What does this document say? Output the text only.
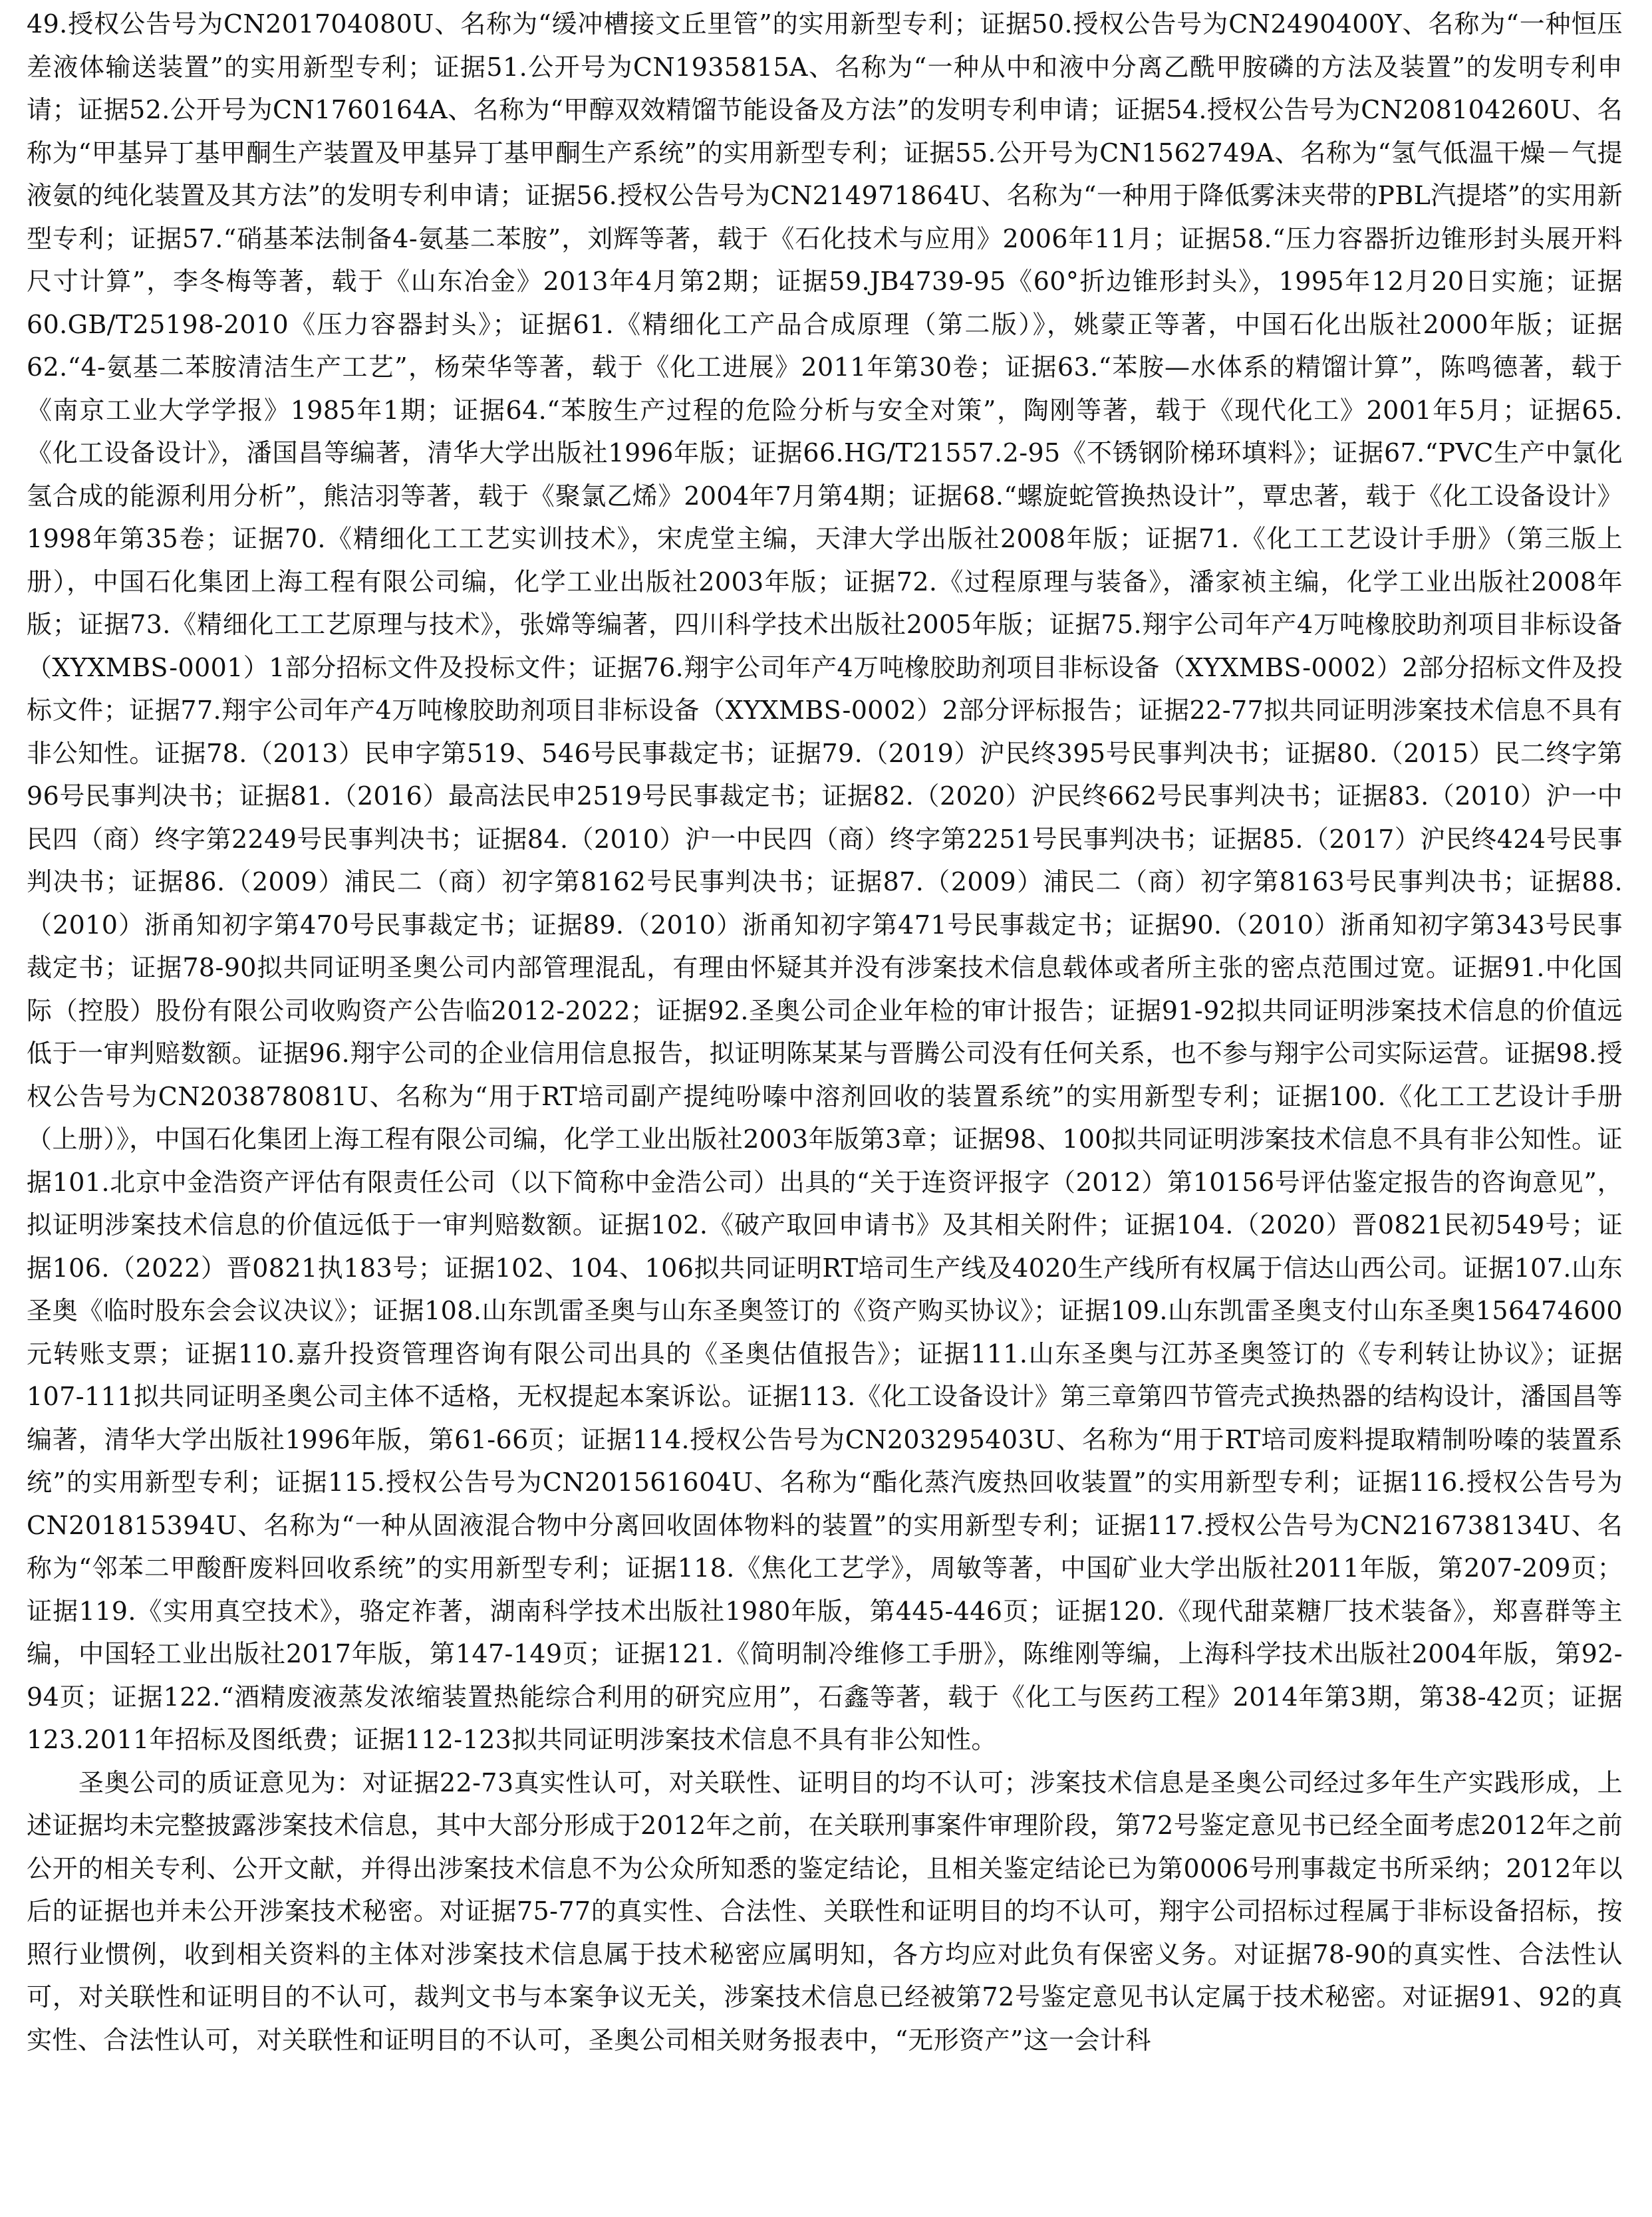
49.授权公告号为CN201704080U、名称为“缓冲槽接文丘里管”的实用新型专利；证据50.授权公告号为CN2490400Y、名称为“一种恒压差液体输送装置”的实用新型专利；证据51.公开号为CN1935815A、名称为“一种从中和液中分离乙酰甲胺磷的方法及装置”的发明专利申请；证据52.公开号为CN1760164A、名称为“甲醇双效精馏节能设备及方法”的发明专利申请；证据54.授权公告号为CN208104260U、名称为“甲基异丁基甲酮生产装置及甲基异丁基甲酮生产系统”的实用新型专利；证据55.公开号为CN1562749A、名称为“氢气低温干燥－气提液氨的纯化装置及其方法”的发明专利申请；证据56.授权公告号为CN214971864U、名称为“一种用于降低雾沫夹带的PBL汽提塔”的实用新型专利；证据57.“硝基苯法制备4-氨基二苯胺”，刘辉等著，载于《石化技术与应用》2006年11月；证据58.“压力容器折边锥形封头展开料尺寸计算”，李冬梅等著，载于《山东冶金》2013年4月第2期；证据59.JB4739-95《60°折边锥形封头》，1995年12月20日实施；证据60.GB/T25198-2010《压力容器封头》；证据61.《精细化工产品合成原理（第二版）》，姚蒙正等著，中国石化出版社2000年版；证据62.“4-氨基二苯胺清洁生产工艺”，杨荣华等著，载于《化工进展》2011年第30卷；证据63.“苯胺—水体系的精馏计算”，陈鸣德著，载于《南京工业大学学报》1985年1期；证据64.“苯胺生产过程的危险分析与安全对策”，陶刚等著，载于《现代化工》2001年5月；证据65.《化工设备设计》，潘国昌等编著，清华大学出版社1996年版；证据66.HG/T21557.2-95《不锈钢阶梯环填料》；证据67.“PVC生产中氯化氢合成的能源利用分析”，熊洁羽等著，载于《聚氯乙烯》2004年7月第4期；证据68.“螺旋蛇管换热设计”，覃忠著，载于《化工设备设计》1998年第35卷；证据70.《精细化工工艺实训技术》，宋虎堂主编，天津大学出版社2008年版；证据71.《化工工艺设计手册》（第三版上册），中国石化集团上海工程有限公司编，化学工业出版社2003年版；证据72.《过程原理与装备》，潘家祯主编，化学工业出版社2008年版；证据73.《精细化工工艺原理与技术》，张嫦等编著，四川科学技术出版社2005年版；证据75.翔宇公司年产4万吨橡胶助剂项目非标设备（XYXMBS-0001）1部分招标文件及投标文件；证据76.翔宇公司年产4万吨橡胶助剂项目非标设备（XYXMBS-0002）2部分招标文件及投标文件；证据77.翔宇公司年产4万吨橡胶助剂项目非标设备（XYXMBS-0002）2部分评标报告；证据22-77拟共同证明涉案技术信息不具有非公知性。证据78.（2013）民申字第519、546号民事裁定书；证据79.（2019）沪民终395号民事判决书；证据80.（2015）民二终字第96号民事判决书；证据81.（2016）最高法民申2519号民事裁定书；证据82.（2020）沪民终662号民事判决书；证据83.（2010）沪一中民四（商）终字第2249号民事判决书；证据84.（2010）沪一中民四（商）终字第2251号民事判决书；证据85.（2017）沪民终424号民事判决书；证据86.（2009）浦民二（商）初字第8162号民事判决书；证据87.（2009）浦民二（商）初字第8163号民事判决书；证据88.（2010）浙甬知初字第470号民事裁定书；证据89.（2010）浙甬知初字第471号民事裁定书；证据90.（2010）浙甬知初字第343号民事裁定书；证据78-90拟共同证明圣奥公司内部管理混乱，有理由怀疑其并没有涉案技术信息载体或者所主张的密点范围过宽。证据91.中化国际（控股）股份有限公司收购资产公告临2012-2022；证据92.圣奥公司企业年检的审计报告；证据91-92拟共同证明涉案技术信息的价值远低于一审判赔数额。证据96.翔宇公司的企业信用信息报告，拟证明陈某某与晋腾公司没有任何关系，也不参与翔宇公司实际运营。证据98.授权公告号为CN203878081U、名称为“用于RT培司副产提纯吩嗪中溶剂回收的装置系统”的实用新型专利；证据100.《化工工艺设计手册（上册）》，中国石化集团上海工程有限公司编，化学工业出版社2003年版第3章；证据98、100拟共同证明涉案技术信息不具有非公知性。证据101.北京中金浩资产评估有限责任公司（以下简称中金浩公司）出具的“关于连资评报字（2012）第10156号评估鉴定报告的咨询意见”，拟证明涉案技术信息的价值远低于一审判赔数额。证据102.《破产取回申请书》及其相关附件；证据104.（2020）晋0821民初549号；证据106.（2022）晋0821执183号；证据102、104、106拟共同证明RT培司生产线及4020生产线所有权属于信达山西公司。证据107.山东圣奥《临时股东会会议决议》；证据108.山东凯雷圣奥与山东圣奥签订的《资产购买协议》；证据109.山东凯雷圣奥支付山东圣奥156474600元转账支票；证据110.嘉升投资管理咨询有限公司出具的《圣奥估值报告》；证据111.山东圣奥与江苏圣奥签订的《专利转让协议》；证据107-111拟共同证明圣奥公司主体不适格，无权提起本案诉讼。证据113.《化工设备设计》第三章第四节管壳式换热器的结构设计，潘国昌等编著，清华大学出版社1996年版，第61-66页；证据114.授权公告号为CN203295403U、名称为“用于RT培司废料提取精制吩嗪的装置系统”的实用新型专利；证据115.授权公告号为CN201561604U、名称为“酯化蒸汽废热回收装置”的实用新型专利；证据116.授权公告号为CN201815394U、名称为“一种从固液混合物中分离回收固体物料的装置”的实用新型专利；证据117.授权公告号为CN216738134U、名称为“邻苯二甲酸酐废料回收系统”的实用新型专利；证据118.《焦化工艺学》，周敏等著，中国矿业大学出版社2011年版，第207-209页；证据119.《实用真空技术》，骆定祚著，湖南科学技术出版社1980年版，第445-446页；证据120.《现代甜菜糖厂技术装备》，郑喜群等主编，中国轻工业出版社2017年版，第147-149页；证据121.《简明制冷维修工手册》，陈维刚等编，上海科学技术出版社2004年版，第92-94页；证据122.“酒精废液蒸发浓缩装置热能综合利用的研究应用”，石鑫等著，载于《化工与医药工程》2014年第3期，第38-42页；证据123.2011年招标及图纸费；证据112-123拟共同证明涉案技术信息不具有非公知性。

圣奥公司的质证意见为：对证据22-73真实性认可，对关联性、证明目的均不认可；涉案技术信息是圣奥公司经过多年生产实践形成，上述证据均未完整披露涉案技术信息，其中大部分形成于2012年之前，在关联刑事案件审理阶段，第72号鉴定意见书已经全面考虑2012年之前公开的相关专利、公开文献，并得出涉案技术信息不为公众所知悉的鉴定结论，且相关鉴定结论已为第0006号刑事裁定书所采纳；2012年以后的证据也并未公开涉案技术秘密。对证据75-77的真实性、合法性、关联性和证明目的均不认可，翔宇公司招标过程属于非标设备招标，按照行业惯例，收到相关资料的主体对涉案技术信息属于技术秘密应属明知，各方均应对此负有保密义务。对证据78-90的真实性、合法性认可，对关联性和证明目的不认可，裁判文书与本案争议无关，涉案技术信息已经被第72号鉴定意见书认定属于技术秘密。对证据91、92的真实性、合法性认可，对关联性和证明目的不认可，圣奥公司相关财务报表中，“无形资产”这一会计科
